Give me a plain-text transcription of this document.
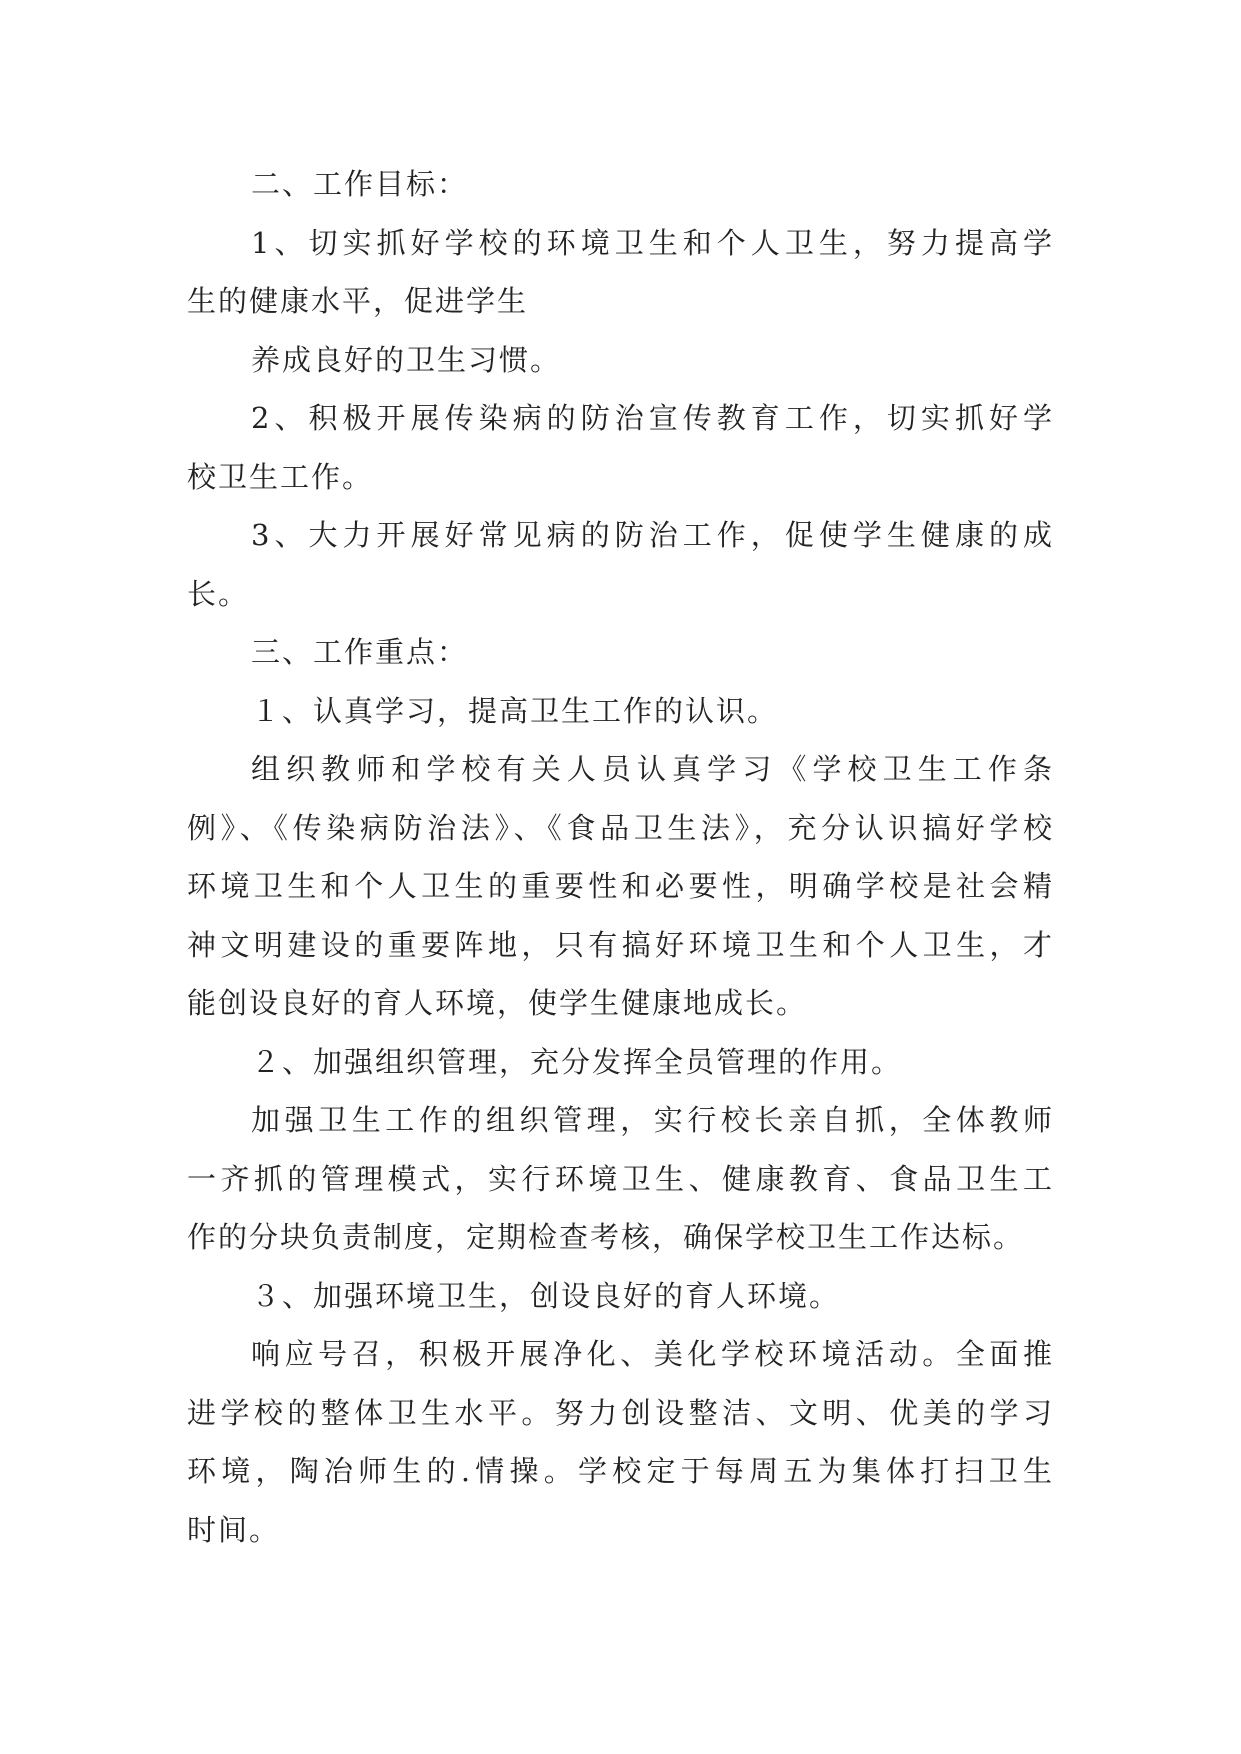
二、工作目标：
1、切实抓好学校的环境卫生和个人卫生，努力提高学
生的健康水平，促进学生
养成良好的卫生习惯。
2、积极开展传染病的防治宣传教育工作，切实抓好学
校卫生工作。
3、大力开展好常见病的防治工作，促使学生健康的成
长。
三、工作重点：
１、认真学习，提高卫生工作的认识。
组织教师和学校有关人员认真学习《学校卫生工作条
例》、《传染病防治法》、《食品卫生法》，充分认识搞好学校
环境卫生和个人卫生的重要性和必要性，明确学校是社会精
神文明建设的重要阵地，只有搞好环境卫生和个人卫生，才
能创设良好的育人环境，使学生健康地成长。
２、加强组织管理，充分发挥全员管理的作用。
加强卫生工作的组织管理，实行校长亲自抓，全体教师
一齐抓的管理模式，实行环境卫生、健康教育、食品卫生工
作的分块负责制度，定期检查考核，确保学校卫生工作达标。
３、加强环境卫生，创设良好的育人环境。
响应号召，积极开展净化、美化学校环境活动。全面推
进学校的整体卫生水平。努力创设整洁、文明、优美的学习
环境，陶冶师生的.情操。学校定于每周五为集体打扫卫生
时间。
